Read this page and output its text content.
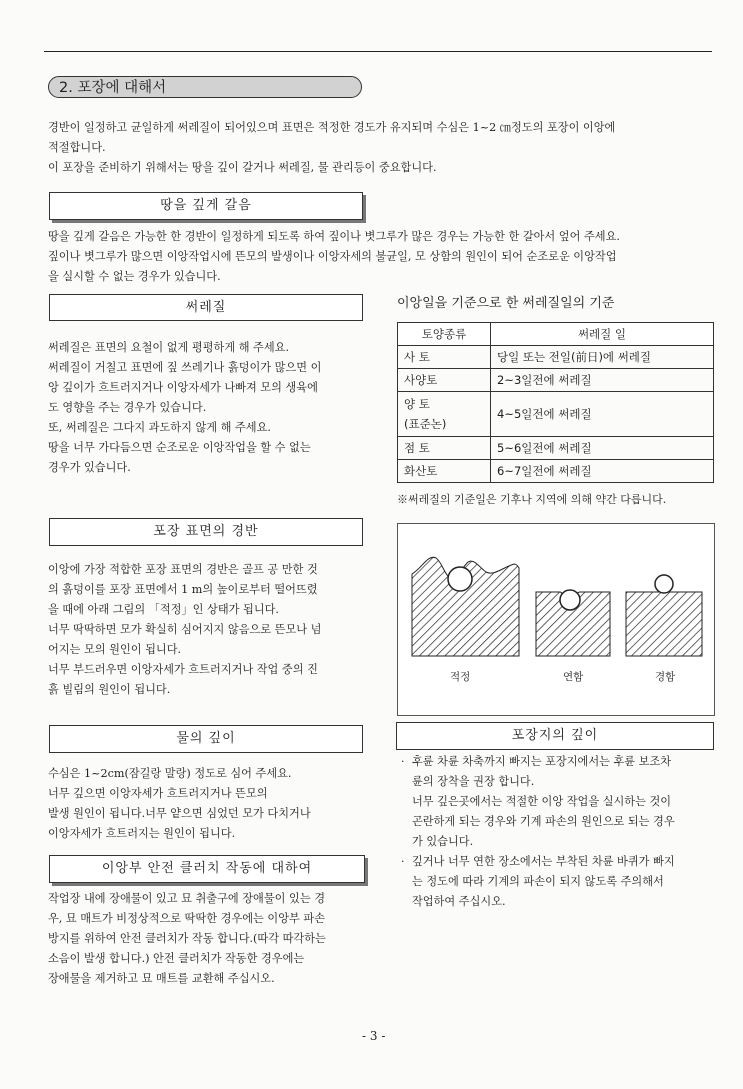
2. 포장에 대해서
경반이 일정하고 균일하게 써레질이 되어있으며 표면은 적정한 경도가 유지되며 수심은 1~2 ㎝정도의 포장이 이앙에
적절합니다.
이 포장을 준비하기 위해서는 땅을 깊이 갈거나 써레질, 물 관리등이 중요합니다.
땅을 깊게 갈음
땅을 깊게 갈음은 가능한 한 경반이 일정하게 되도록 하여 짚이나 볏그루가 많은 경우는 가능한 한 갈아서 엎어 주세요.
짚이나 볏그루가 많으면 이앙작업시에 뜬모의 발생이나 이앙자세의 불균일, 모 상함의 원인이 되어 순조로운 이앙작업
을 실시할 수 없는 경우가 있습니다.
써레질
써레질은 표면의 요철이 없게 평평하게 해 주세요.
써레질이 거칠고 표면에 짚 쓰레기나 흙덩이가 많으면 이
앙 깊이가 흐트러지거나 이앙자세가 나빠져 모의 생육에
도 영향을 주는 경우가 있습니다.
또, 써레질은 그다지 과도하지 않게 해 주세요.
땅을 너무 가다듬으면 순조로운 이앙작업을 할 수 없는
경우가 있습니다.
이앙일을 기준으로 한 써레질일의 기준
토양종류	써레질 일
사 토	당일 또는 전일(前日)에 써레질
사양토	2~3일전에 써레질
양 토
(표준논)	4~5일전에 써레질
점 토	5~6일전에 써레질
화산토	6~7일전에 써레질
※써레질의 기준일은 기후나 지역에 의해 약간 다릅니다.
포장 표면의 경반
이앙에 가장 적합한 포장 표면의 경반은 골프 공 만한 것
의 흙덩이를 포장 표면에서 1 m의 높이로부터 떨어뜨렸
을 때에 아래 그림의 「적정」인 상태가 됩니다.
너무 딱딱하면 모가 확실히 심어지지 않음으로 뜬모나 넘
어지는 모의 원인이 됩니다.
너무 부드러우면 이앙자세가 흐트러지거나 작업 중의 진
흙 빌림의 원인이 됩니다.
적정	연함	경함
물의 깊이
수심은 1~2cm(잠길랑 말랑) 정도로 심어 주세요.
너무 깊으면 이앙자세가 흐트러지거나 뜬모의
발생 원인이 됩니다.너무 얕으면 심었던 모가 다치거나
이앙자세가 흐트러지는 원인이 됩니다.
포장지의 깊이
· 후륜 차륜 차축까지 빠지는 포장지에서는 후륜 보조차
륜의 장착을 권장 합니다.
너무 깊은곳에서는 적절한 이앙 작업을 실시하는 것이
곤란하게 되는 경우와 기계 파손의 원인으로 되는 경우
가 있습니다.
· 깊거나 너무 연한 장소에서는 부착된 차륜 바퀴가 빠지
는 정도에 따라 기계의 파손이 되지 않도록 주의해서
작업하여 주십시오.
이앙부 안전 클러치 작동에 대하여
작업장 내에 장애물이 있고 묘 취출구에 장애물이 있는 경
우, 묘 매트가 비정상적으로 딱딱한 경우에는 이앙부 파손
방지를 위하여 안전 클러치가 작동 합니다.(따각 따각하는
소음이 발생 합니다.) 안전 클러치가 작동한 경우에는
장애물을 제거하고 묘 매트를 교환해 주십시오.
- 3 -
